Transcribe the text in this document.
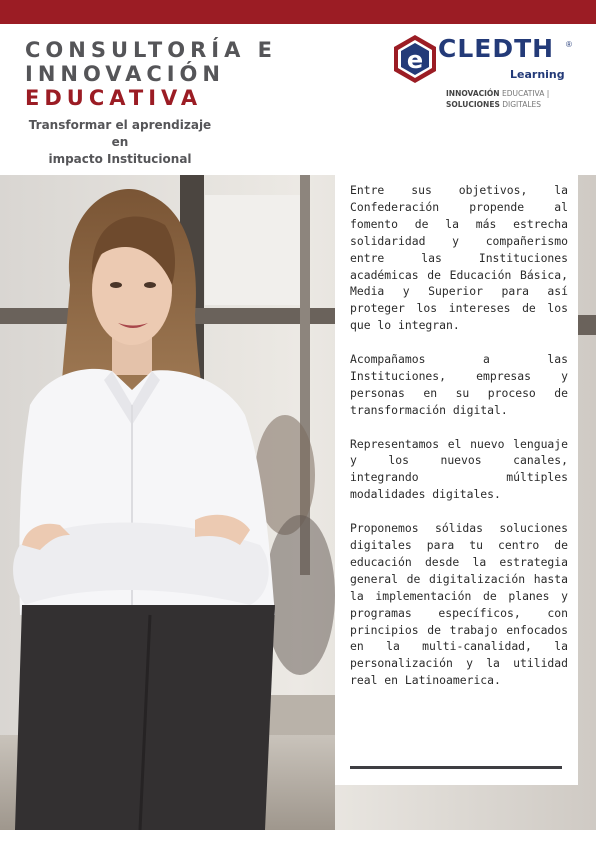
CONSULTORÍA E
INNOVACIÓN
EDUCATIVA
Transformar el aprendizaje en
impacto Institucional
e CLEDTH ®
Learning
INNOVACIÓN EDUCATIVA |
SOLUCIONES DIGITALES

Entre sus objetivos, la Confederación propende al fomento de la más estrecha solidaridad y compañerismo entre las Instituciones académicas de Educación Básica, Media y Superior para así proteger los intereses de los que lo integran.

Acompañamos a las Instituciones, empresas y personas en su proceso de transformación digital.

Representamos el nuevo lenguaje y los nuevos canales, integrando múltiples modalidades digitales.

Proponemos sólidas soluciones digitales para tu centro de educación desde la estrategia general de digitalización hasta la implementación de planes y programas específicos, con principios de trabajo enfocados en la multi-canalidad, la personalización y la utilidad real en Latinoamerica.
